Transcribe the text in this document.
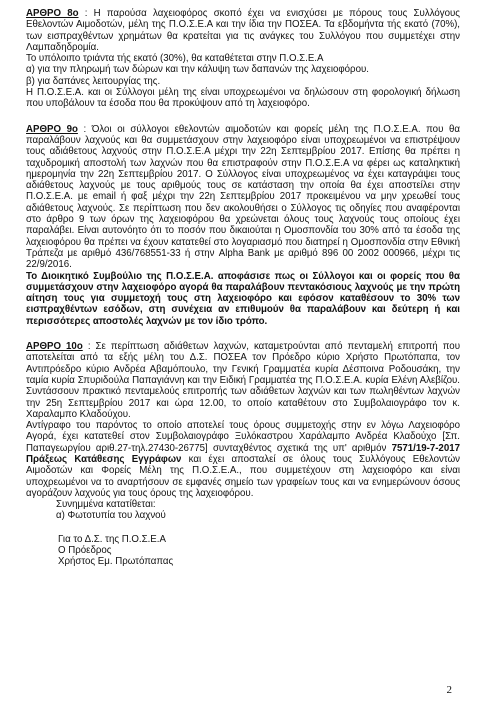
ΑΡΘΡΟ 8ο : Η παρούσα λαχειοφόρος σκοπό έχει να ενισχύσει με πόρους τους Συλλόγους Εθελοντών Αιμοδοτών, μέλη της Π.Ο.Σ.Ε.Α και την ίδια την ΠΟΣΕΑ. Τα εβδομήντα τής εκατό (70%), των εισπραχθέντων χρημάτων θα κρατείται για τις ανάγκες του Συλλόγου που συμμετέχει στην Λαμπαδηδρομία.

Το υπόλοιπο τριάντα τής εκατό (30%), θα καταθέτεται στην Π.Ο.Σ.Ε.Α

α) για την πληρωμή των δώρων και την κάλυψη των δαπανών της λαχειοφόρου.

β) για δαπάνες λειτουργίας της.

Η Π.Ο.Σ.Ε.Α. και οι Σύλλογοι μέλη της είναι υποχρεωμένοι να δηλώσουν στη φορολογική δήλωση που υποβάλουν τα έσοδα που θα προκύψουν από τη λαχειοφόρο.

ΑΡΘΡΟ 9ο : Όλοι οι σύλλογοι εθελοντών αιμοδοτών και φορείς μέλη της Π.Ο.Σ.Ε.Α. που θα παραλάβουν λαχνούς και θα συμμετάσχουν στην λαχειοφόρο είναι υποχρεωμένοι να επιστρέψουν τους αδιάθετους λαχνούς στην Π.Ο.Σ.Ε.Α μέχρι την 22η Σεπτεμβρίου 2017. Επίσης θα πρέπει η ταχυδρομική αποστολή των λαχνών που θα επιστραφούν στην Π.Ο.Σ.Ε.Α να φέρει ως καταληκτική ημερομηνία την 22η Σεπτεμβρίου 2017. Ο Σύλλογος είναι υποχρεωμένος να έχει καταγράψει τους αδιάθετους λαχνούς με τους αριθμούς τους σε κατάσταση την οποία θα έχει αποστείλει στην Π.Ο.Σ.Ε.Α. με email ή φαξ μέχρι την 22η Σεπτεμβρίου 2017 προκειμένου να μην χρεωθεί τους αδιάθετους λαχνούς. Σε περίπτωση που δεν ακολουθήσει ο Σύλλογος τις οδηγίες που αναφέρονται στο άρθρο 9 των όρων της λαχειοφόρου θα χρεώνεται όλους τους λαχνούς τους οποίους έχει παραλάβει. Είναι αυτονόητο ότι το ποσόν που δικαιούται η Ομοσπονδία του 30% από τα έσοδα της λαχειοφόρου θα πρέπει να έχουν κατατεθεί στο λογαριασμό που διατηρεί η Ομοσπονδία στην Εθνική Τράπεζα με αριθμό 436/768551-33 ή στην Alpha Bank με αριθμό 896 00 2002 000966, μέχρι τις 22/9/2016.

Το Διοικητικό Συμβούλιο της Π.Ο.Σ.Ε.Α. αποφάσισε πως οι Σύλλογοι και οι φορείς που θα συμμετάσχουν στην λαχειοφόρο αγορά θα παραλάβουν πεντακόσιους λαχνούς με την πρώτη αίτηση τους για συμμετοχή τους στη λαχειοφόρο και εφόσον καταθέσουν το 30% των εισπραχθέντων εσόδων, στη συνέχεια αν επιθυμούν θα παραλάβουν και δεύτερη ή και περισσότερες αποστολές λαχνών με τον ίδιο τρόπο.

ΑΡΘΡΟ 10ο : Σε περίπτωση αδιάθετων λαχνών, καταμετρούνται από πενταμελή επιτροπή που αποτελείται από τα εξής μέλη του Δ.Σ. ΠΟΣΕΑ τον Πρόεδρο κύριο Χρήστο Πρωτόπαπα, τον Αντιπρόεδρο κύριο Ανδρέα Αβαμόπουλο, την Γενική Γραμματέα κυρία Δέσποινα Ροδουσάκη, την ταμία κυρία Σπυριδούλα Παπαγιάννη και την Ειδική Γραμματέα της Π.Ο.Σ.Ε.Α. κυρία Ελένη Αλεβίζου. Συντάσσουν πρακτικό πενταμελούς επιτροπής των αδιάθετων λαχνών και των πωληθέντων λαχνών την 25η Σεπτεμβρίου 2017 και ώρα 12.00, το οποίο καταθέτουν στο Συμβολαιογράφο τον κ. Χαραλαμπο Κλαδούχου.

Αντίγραφο του παρόντος το οποίο αποτελεί τους όρους συμμετοχής στην εν λόγω Λαχειοφόρο Αγορά, έχει κατατεθεί στον Συμβολαιογράφο Ξυλόκαστρου Χαράλαμπο Ανδρέα Κλαδούχο [Σπ. Παπαγεωργίου αριθ.27-τηλ.27430-26775] συνταχθέντος σχετικά της υπ' αριθμόν 7571/19-7-2017 Πράξεως Κατάθεσης Εγγράφων και έχει αποσταλεί σε όλους τους Συλλόγους Εθελοντών Αιμοδοτών και Φορείς Μέλη της Π.Ο.Σ.Ε.Α., που συμμετέχουν στη λαχειοφόρο και είναι υποχρεωμένοι να το αναρτήσουν σε εμφανές σημείο των γραφείων τους και να ενημερώνουν όσους αγοράζουν λαχνούς για τους όρους της λαχειοφόρου.

Συνημμένα κατατίθεται:

α) Φωτοτυπία του λαχνού

Για το Δ.Σ. της Π.Ο.Σ.Ε.Α

Ο Πρόεδρος

Χρήστος Εμ. Πρωτόπαπας

2
